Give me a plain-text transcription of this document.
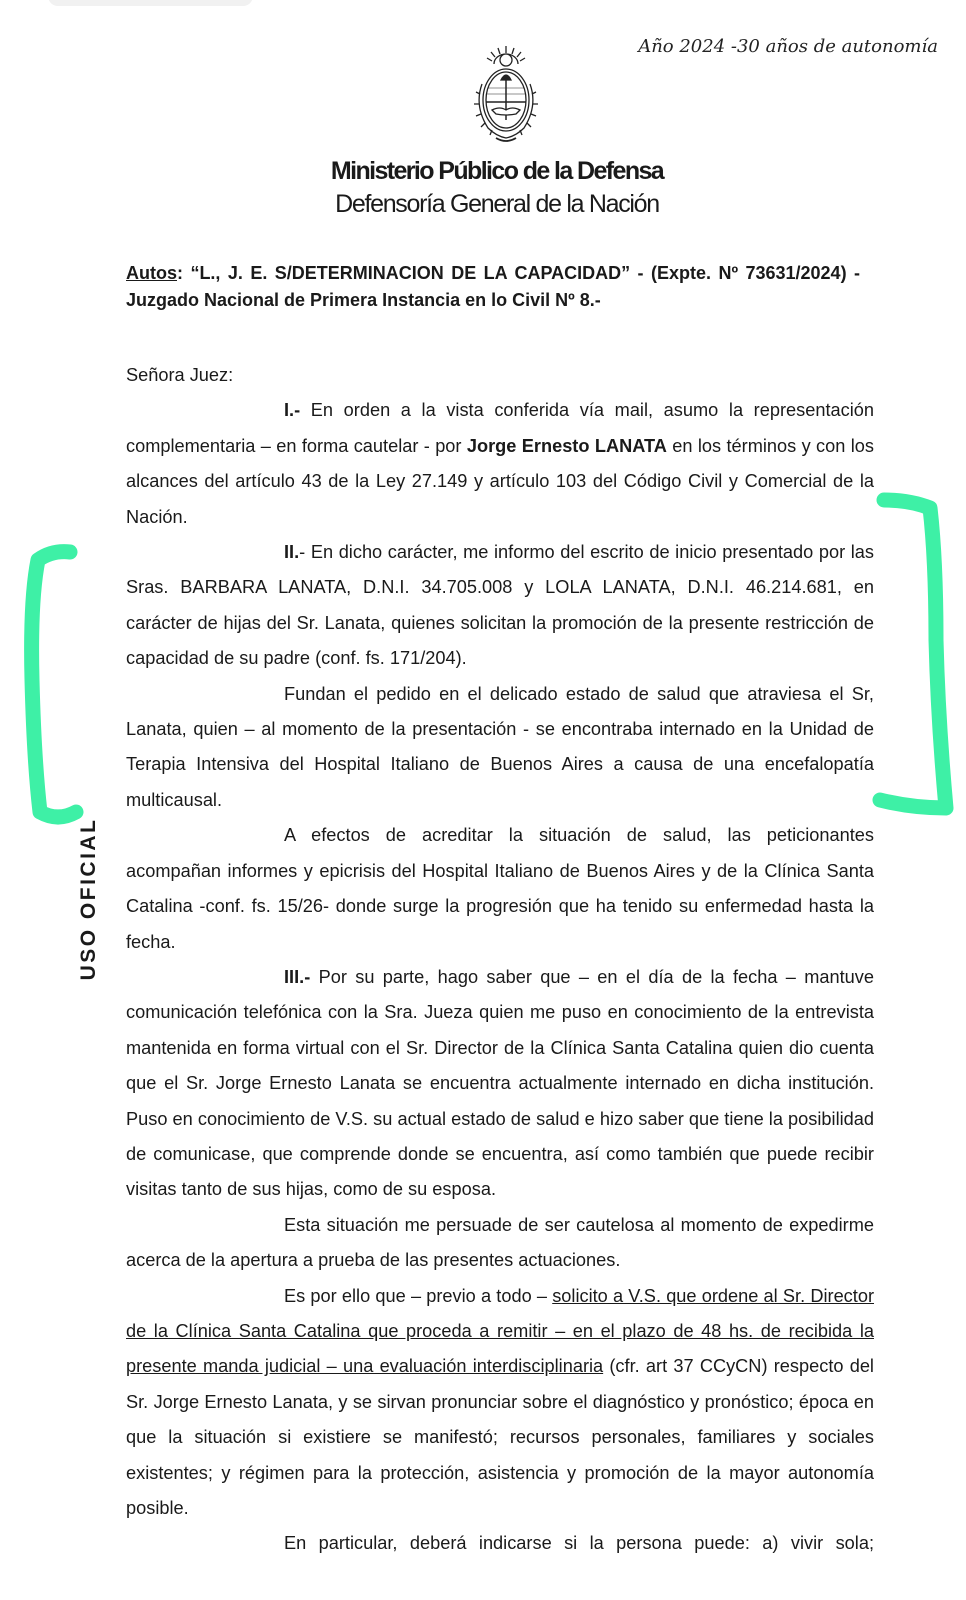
Año 2024 -30 años de autonomía
Ministerio Público de la Defensa
Defensoría General de la Nación
Autos: “L., J. E. S/DETERMINACION DE LA CAPACIDAD” - (Expte. Nº 73631/2024) - Juzgado Nacional de Primera Instancia en lo Civil Nº 8.-

Señora Juez:

I.- En orden a la vista conferida vía mail, asumo la representación complementaria – en forma cautelar - por Jorge Ernesto LANATA en los términos y con los alcances del artículo 43 de la Ley 27.149 y artículo 103 del Código Civil y Comercial de la Nación.

II.- En dicho carácter, me informo del escrito de inicio presentado por las Sras. BARBARA LANATA, D.N.I. 34.705.008 y LOLA LANATA, D.N.I. 46.214.681, en carácter de hijas del Sr. Lanata, quienes solicitan la promoción de la presente restricción de capacidad de su padre (conf. fs. 171/204).

Fundan el pedido en el delicado estado de salud que atraviesa el Sr, Lanata, quien – al momento de la presentación - se encontraba internado en la Unidad de Terapia Intensiva del Hospital Italiano de Buenos Aires a causa de una encefalopatía multicausal.

A efectos de acreditar la situación de salud, las peticionantes acompañan informes y epicrisis del Hospital Italiano de Buenos Aires y de la Clínica Santa Catalina -conf. fs. 15/26- donde surge la progresión que ha tenido su enfermedad hasta la fecha.

III.- Por su parte, hago saber que – en el día de la fecha – mantuve comunicación telefónica con la Sra. Jueza quien me puso en conocimiento de la entrevista mantenida en forma virtual con el Sr. Director de la Clínica Santa Catalina quien dio cuenta que el Sr. Jorge Ernesto Lanata se encuentra actualmente internado en dicha institución. Puso en conocimiento de V.S. su actual estado de salud e hizo saber que tiene la posibilidad de comunicase, que comprende donde se encuentra, así como también que puede recibir visitas tanto de sus hijas, como de su esposa.

Esta situación me persuade de ser cautelosa al momento de expedirme acerca de la apertura a prueba de las presentes actuaciones.

Es por ello que – previo a todo – solicito a V.S. que ordene al Sr. Director de la Clínica Santa Catalina que proceda a remitir – en el plazo de 48 hs. de recibida la presente manda judicial – una evaluación interdisciplinaria (cfr. art 37 CCyCN) respecto del Sr. Jorge Ernesto Lanata, y se sirvan pronunciar sobre el diagnóstico y pronóstico; época en que la situación si existiere se manifestó; recursos personales, familiares y sociales existentes; y régimen para la protección, asistencia y promoción de la mayor autonomía posible.

En particular, deberá indicarse si la persona puede: a) vivir sola;

USO OFICIAL
